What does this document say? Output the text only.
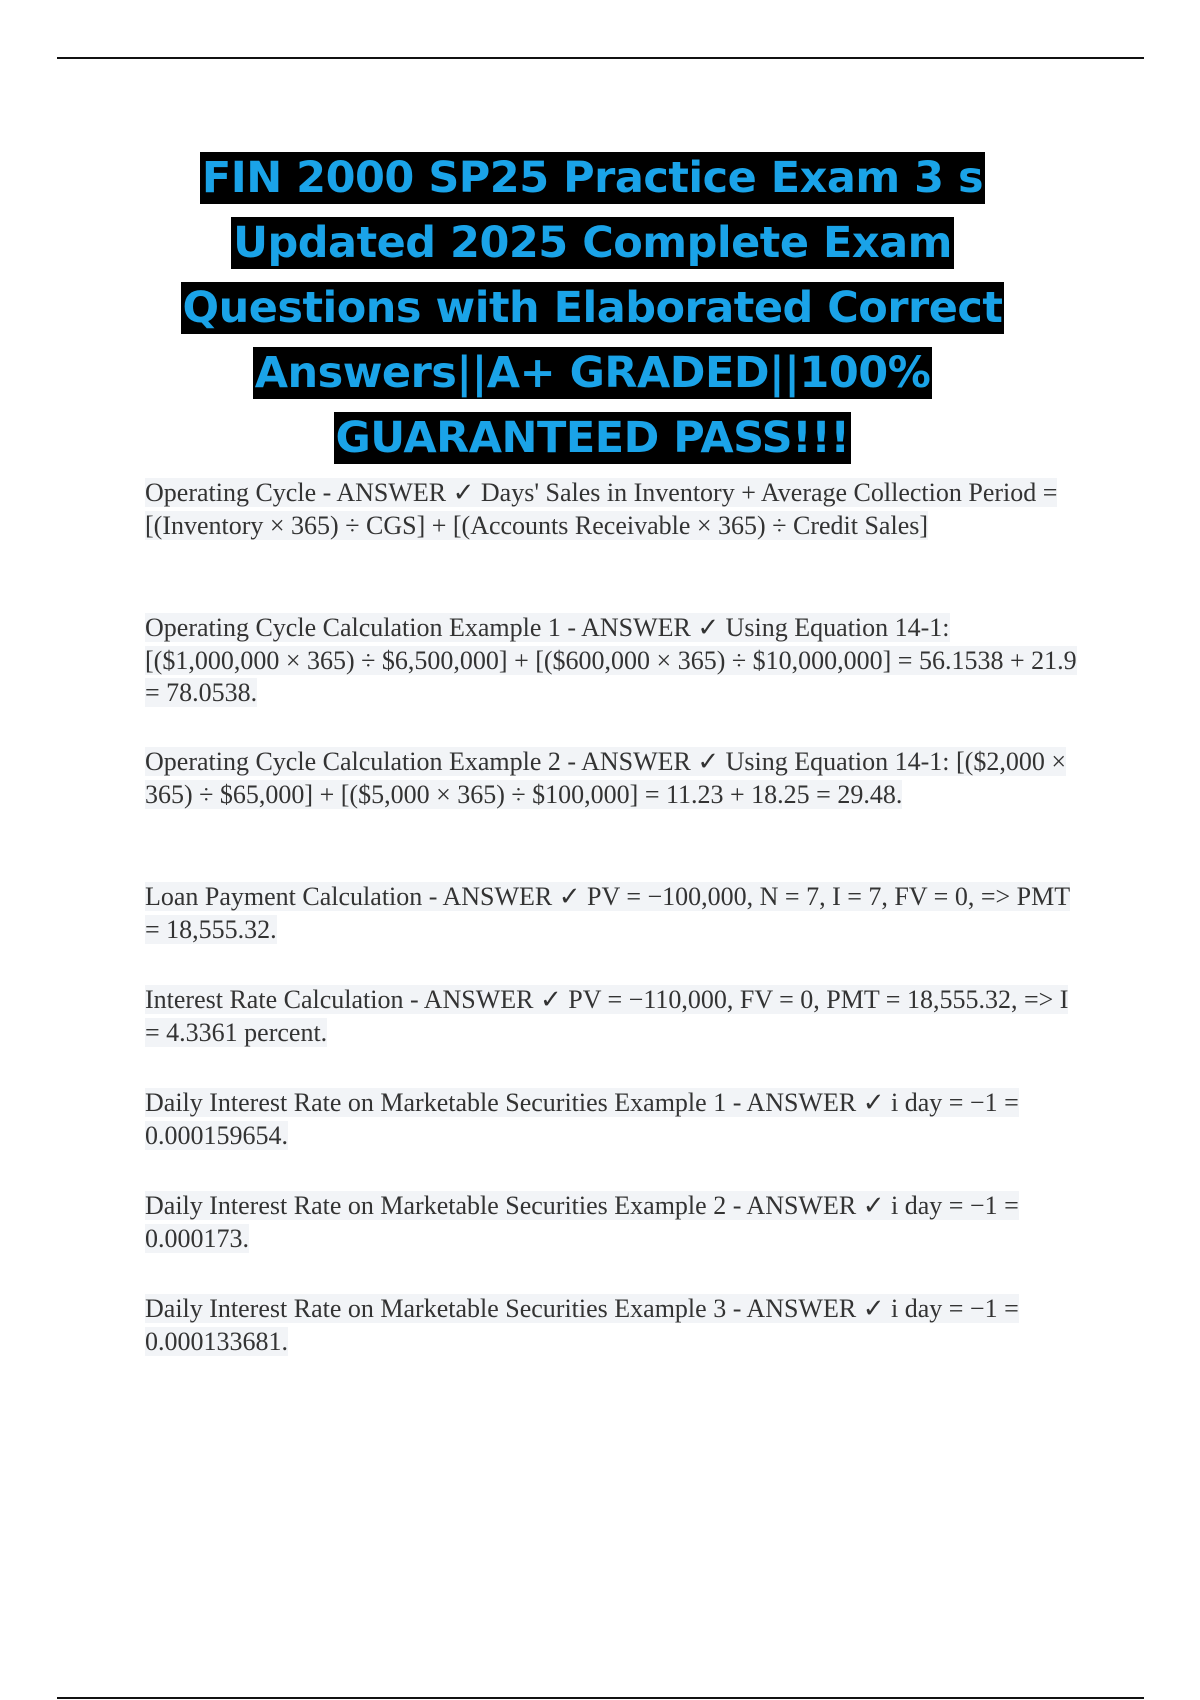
FIN 2000 SP25 Practice Exam 3 s
Updated 2025 Complete Exam
Questions with Elaborated Correct
Answers||A+ GRADED||100%
GUARANTEED PASS!!!
Operating Cycle - ANSWER ✓ Days' Sales in Inventory + Average Collection Period = [(Inventory × 365) ÷ CGS] + [(Accounts Receivable × 365) ÷ Credit Sales]
Operating Cycle Calculation Example 1 - ANSWER ✓ Using Equation 14-1: [($1,000,000 × 365) ÷ $6,500,000] + [($600,000 × 365) ÷ $10,000,000] = 56.1538 + 21.9 = 78.0538.
Operating Cycle Calculation Example 2 - ANSWER ✓ Using Equation 14-1: [($2,000 × 365) ÷ $65,000] + [($5,000 × 365) ÷ $100,000] = 11.23 + 18.25 = 29.48.
Loan Payment Calculation - ANSWER ✓ PV = −100,000, N = 7, I = 7, FV = 0, => PMT = 18,555.32.
Interest Rate Calculation - ANSWER ✓ PV = −110,000, FV = 0, PMT = 18,555.32, => I = 4.3361 percent.
Daily Interest Rate on Marketable Securities Example 1 - ANSWER ✓ i day = −1 = 0.000159654.
Daily Interest Rate on Marketable Securities Example 2 - ANSWER ✓ i day = −1 = 0.000173.
Daily Interest Rate on Marketable Securities Example 3 - ANSWER ✓ i day = −1 = 0.000133681.
